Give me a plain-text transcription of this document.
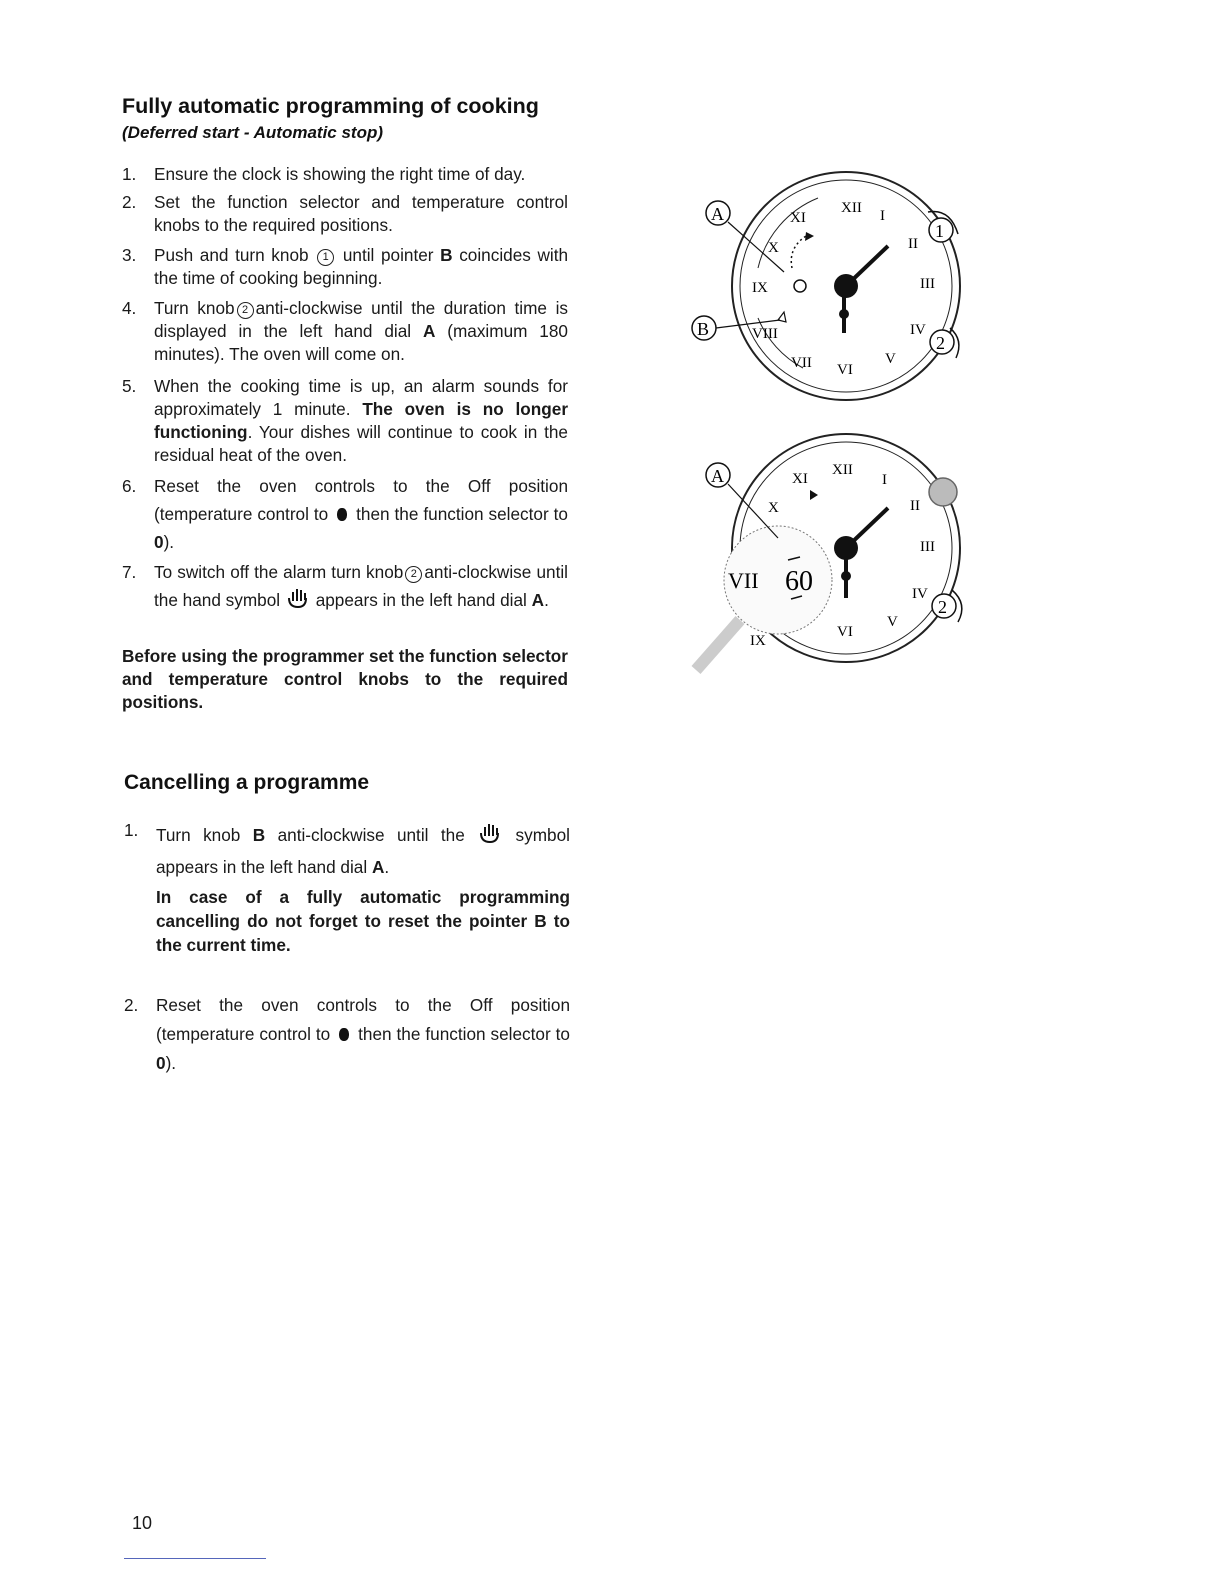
Fully automatic programming of cooking
(Deferred start - Automatic stop)
1. Ensure the clock is showing the right time of day.
2. Set the function selector and temperature control knobs to the required positions.
3. Push and turn knob 1 until pointer B coincides with the time of cooking beginning.
4. Turn knob 2 anti-clockwise until the duration time is displayed in the left hand dial A (maximum 180 minutes). The oven will come on.
5. When the cooking time is up, an alarm sounds for approximately 1 minute. The oven is no longer functioning. Your dishes will continue to cook in the residual heat of the oven.
6. Reset the oven controls to the Off position (temperature control to then the function selector to 0).
7. To switch off the alarm turn knob 2 anti-clockwise until the hand symbol appears in the left hand dial A.
Before using the programmer set the function selector and temperature control knobs to the required positions.
Cancelling a programme
1. Turn knob B anti-clockwise until the	symbol appears in the left hand dial A.
In case of a fully automatic programming cancelling do not forget to reset the pointer B to the current time.
2. Reset the oven controls to the Off position (temperature control to then the function selector to 0).
XII I
II
III
IV
V
VI
VII
VIII
IX
X
XI
A
B
1
2
XII
I
II
III
IV
V
VI
X
XI
VII 60
IX
A
2
10
